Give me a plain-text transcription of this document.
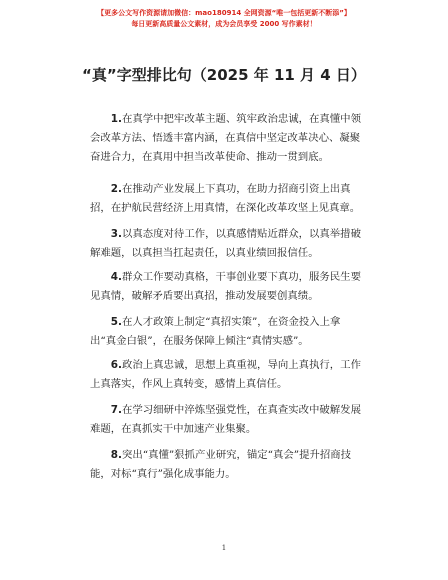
【更多公文写作资源请加微信：mao180914 全网资源“唯一包括更新不断添”】
每日更新高质量公文素材，成为会员享受 2000 写作素材！
“真”字型排比句（2025 年 11 月 4 日）

1.在真学中把牢改革主题、筑牢政治忠诚，在真懂中领会改革方法、悟透丰富内涵，在真信中坚定改革决心、凝聚奋进合力，在真用中担当改革使命、推动一贯到底。

2.在推动产业发展上下真功，在助力招商引资上出真招，在护航民营经济上用真情，在深化改革攻坚上见真章。

3.以真态度对待工作，以真感情贴近群众，以真举措破解难题，以真担当扛起责任，以真业绩回报信任。

4.群众工作要动真格，干事创业要下真功，服务民生要见真情，破解矛盾要出真招，推动发展要创真绩。

5.在人才政策上制定“真招实策”，在资金投入上拿出“真金白银”，在服务保障上倾注“真情实感”。

6.政治上真忠诚，思想上真重视，导向上真执行，工作上真落实，作风上真转变，感情上真信任。

7.在学习细研中淬炼坚强党性，在真查实改中破解发展难题，在真抓实干中加速产业集聚。

8.突出“真懂”狠抓产业研究，锚定“真会”提升招商技能，对标“真行”强化成事能力。

1
